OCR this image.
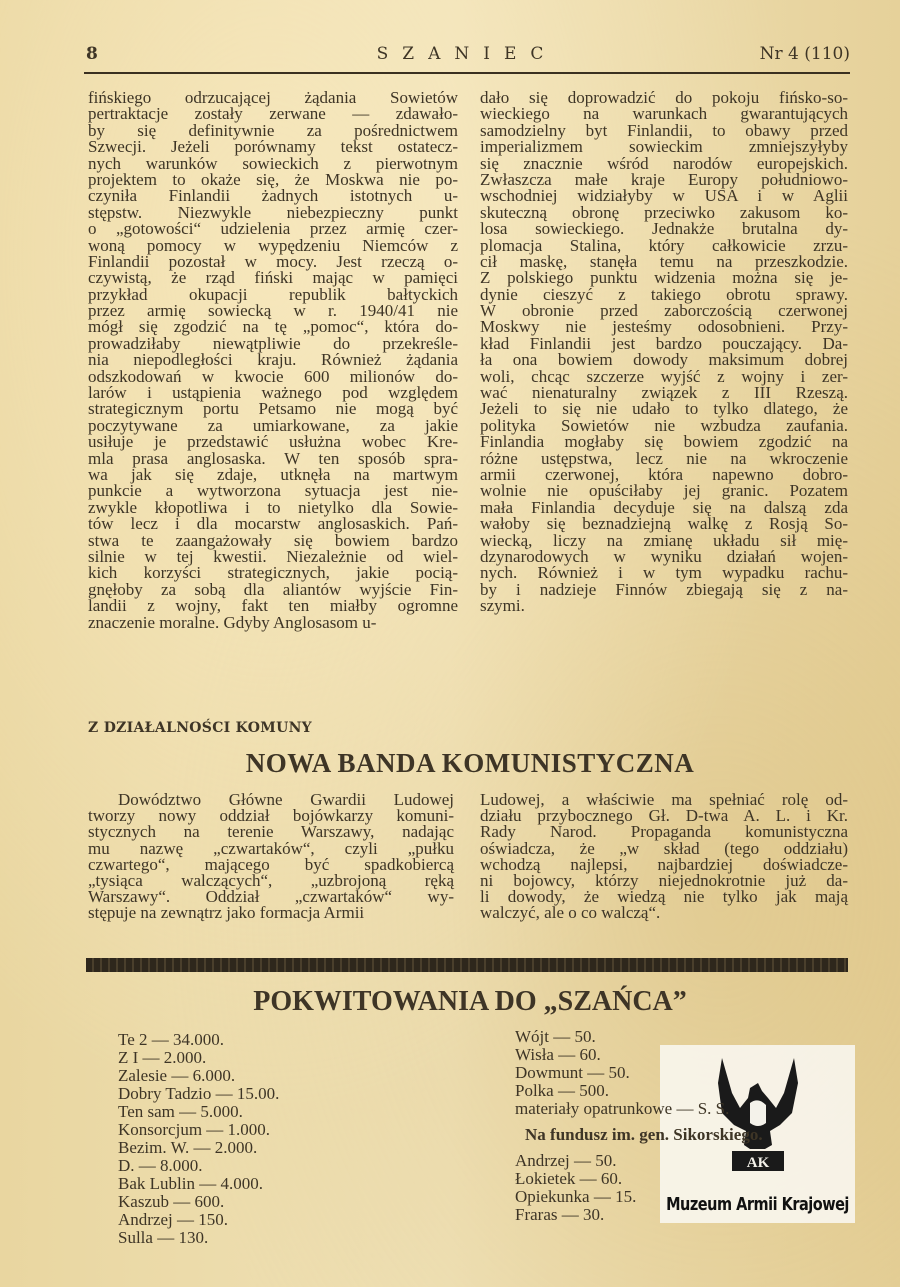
8	SZANIEC	Nr 4 (110)
fińskiego odrzucającej żądania Sowietów
pertraktacje zostały zerwane — zdawało-
by się definitywnie za pośrednictwem
Szwecji. Jeżeli porównamy tekst ostatecz-
nych warunków sowieckich z pierwotnym
projektem to okaże się, że Moskwa nie po-
czyniła Finlandii żadnych istotnych u-
stępstw. Niezwykle niebezpieczny punkt
o „gotowości“ udzielenia przez armię czer-
woną pomocy w wypędzeniu Niemców z
Finlandii pozostał w mocy. Jest rzeczą o-
czywistą, że rząd fiński mając w pamięci
przykład okupacji republik bałtyckich
przez armię sowiecką w r. 1940/41 nie
mógł się zgodzić na tę „pomoc“, która do-
prowadziłaby niewątpliwie do przekreśle-
nia niepodległości kraju. Również żądania
odszkodowań w kwocie 600 milionów do-
larów i ustąpienia ważnego pod względem
strategicznym portu Petsamo nie mogą być
poczytywane za umiarkowane, za jakie
usiłuje je przedstawić usłużna wobec Kre-
mla prasa anglosaska. W ten sposób spra-
wa jak się zdaje, utknęła na martwym
punkcie a wytworzona sytuacja jest nie-
zwykle kłopotliwa i to nietylko dla Sowie-
tów lecz i dla mocarstw anglosaskich. Pań-
stwa te zaangażowały się bowiem bardzo
silnie w tej kwestii. Niezależnie od wiel-
kich korzyści strategicznych, jakie pocią-
gnęłoby za sobą dla aliantów wyjście Fin-
landii z wojny, fakt ten miałby ogromne
znaczenie moralne. Gdyby Anglosasom u-
dało się doprowadzić do pokoju fińsko-so-
wieckiego na warunkach gwarantujących
samodzielny byt Finlandii, to obawy przed
imperializmem sowieckim zmniejszyłyby
się znacznie wśród narodów europejskich.
Zwłaszcza małe kraje Europy południowo-
wschodniej widziałyby w USA i w Aglii
skuteczną obronę przeciwko zakusom ko-
losa sowieckiego. Jednakże brutalna dy-
plomacja Stalina, który całkowicie zrzu-
cił maskę, stanęła temu na przeszkodzie.
Z polskiego punktu widzenia można się je-
dynie cieszyć z takiego obrotu sprawy.
W obronie przed zaborczością czerwonej
Moskwy nie jesteśmy odosobnieni. Przy-
kład Finlandii jest bardzo pouczający. Da-
ła ona bowiem dowody maksimum dobrej
woli, chcąc szczerze wyjść z wojny i zer-
wać nienaturalny związek z III Rzeszą.
Jeżeli to się nie udało to tylko dlatego, że
polityka Sowietów nie wzbudza zaufania.
Finlandia mogłaby się bowiem zgodzić na
różne ustępstwa, lecz nie na wkroczenie
armii czerwonej, która napewno dobro-
wolnie nie opuściłaby jej granic. Pozatem
mała Finlandia decyduje się na dalszą zda
wałoby się beznadziejną walkę z Rosją So-
wiecką, liczy na zmianę układu sił mię-
dzynarodowych w wyniku działań wojen-
nych. Również i w tym wypadku rachu-
by i nadzieje Finnów zbiegają się z na-
szymi.
Z DZIAŁALNOŚCI KOMUNY
NOWA BANDA KOMUNISTYCZNA
Dowództwo Główne Gwardii Ludowej
tworzy nowy oddział bojówkarzy komuni-
stycznych na terenie Warszawy, nadając
mu nazwę „czwartaków“, czyli „pułku
czwartego“, mającego być spadkobiercą
„tysiąca walczących“, „uzbrojoną ręką
Warszawy“. Oddział „czwartaków“ wy-
stępuje na zewnątrz jako formacja Armii
Ludowej, a właściwie ma spełniać rolę od-
działu przybocznego Gł. D-twa A. L. i Kr.
Rady Narod. Propaganda komunistyczna
oświadcza, że „w skład (tego oddziału)
wchodzą najlepsi, najbardziej doświadcze-
ni bojowcy, którzy niejednokrotnie już da-
li dowody, że wiedzą nie tylko jak mają
walczyć, ale o co walczą“.
POKWITOWANIA DO „SZAŃCA”
Te 2 — 34.000.
Z I — 2.000.
Zalesie — 6.000.
Dobry Tadzio — 15.00.
Ten sam — 5.000.
Konsorcjum — 1.000.
Bezim. W. — 2.000.
D. — 8.000.
Bak Lublin — 4.000.
Kaszub — 600.
Andrzej — 150.
Sulla — 130.
Wójt — 50.
Wisła — 60.
Dowmunt — 50.
Polka — 500.
materiały opatrunkowe — S. S.
Na fundusz im. gen. Sikorskiego.
Andrzej — 50.
Łokietek — 60.
Opiekunka — 15.
Fraras — 30.
AK
Muzeum Armii Krajowej
